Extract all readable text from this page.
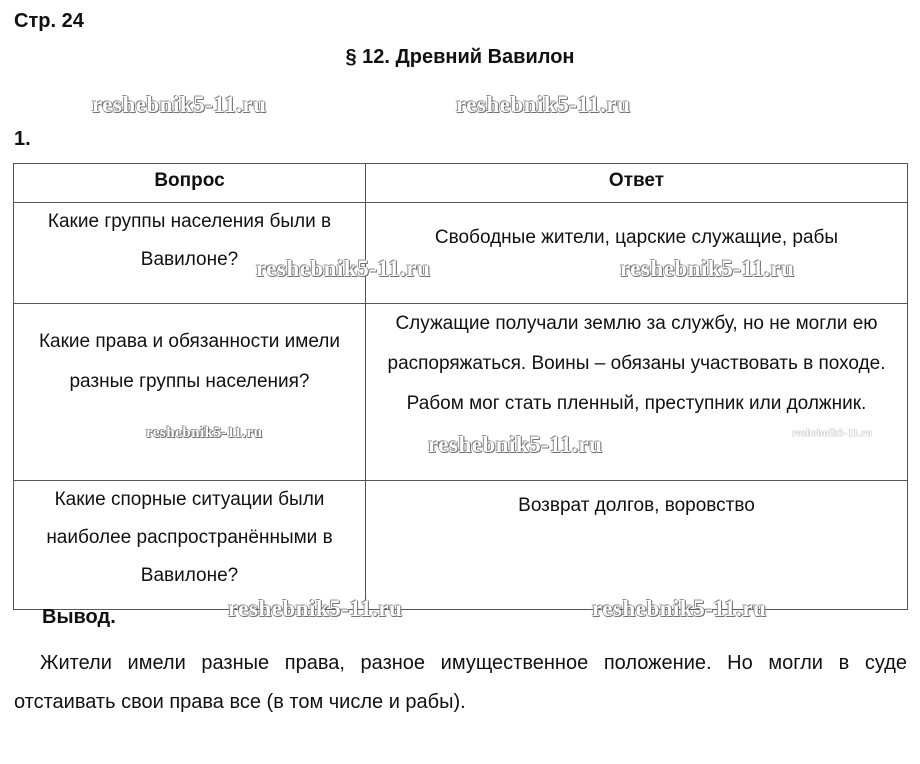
Стр. 24
§ 12. Древний Вавилон
reshebnik5-11.ru	reshebnik5-11.ru
1.
Вопрос	Ответ
Какие группы населения были в Вавилоне?	Свободные жители, царские служащие, рабы
Какие права и обязанности имели разные группы населения?	Служащие получали землю за службу, но не могли ею распоряжаться. Воины – обязаны участвовать в походе. Рабом мог стать пленный, преступник или должник.
Какие спорные ситуации были наиболее распространёнными в Вавилоне?	Возврат долгов, воровство
reshebnik5-11.ru	reshebnik5-11.ru
reshebnik5-11.ru	reshebnik5-11.ru	reshebnik5-11.ru
Вывод.	reshebnik5-11.ru	reshebnik5-11.ru
Жители имели разные права, разное имущественное положение. Но могли в суде отстаивать свои права все (в том числе и рабы).
